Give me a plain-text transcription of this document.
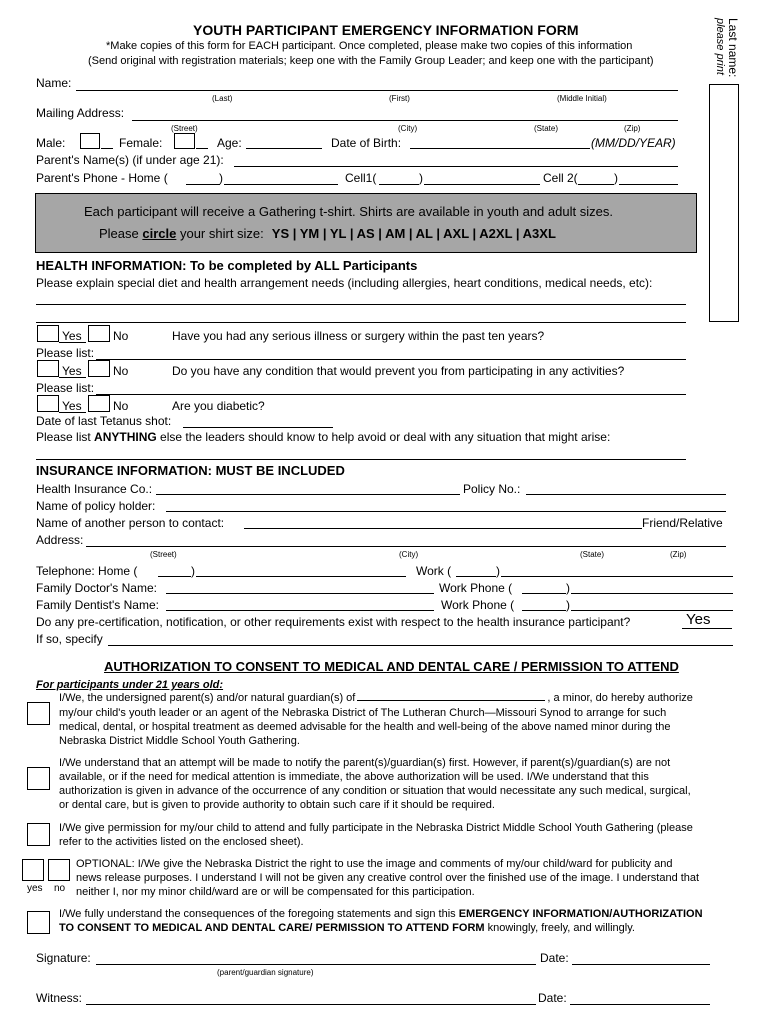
YOUTH PARTICIPANT EMERGENCY INFORMATION FORM
*Make copies of this form for EACH participant. Once completed, please make two copies of this information
(Send original with registration materials; keep one with the Family Group Leader; and keep one with the participant)	Last name:
please print
Name:
(Last)	(First)	(Middle Initial)
Mailing Address:
(Street)	(City)	(State)	(Zip)
Male:	Female:	Age:	Date of Birth:	(MM/DD/YEAR)
Parent's Name(s) (if under age 21):
Parent's Phone - Home (	)	Cell1(	)	Cell 2(	)
Each participant will receive a Gathering t-shirt. Shirts are available in youth and adult sizes.
Please circle your shirt size: YS | YM | YL | AS | AM | AL | AXL | A2XL | A3XL
HEALTH INFORMATION: To be completed by ALL Participants
Please explain special diet and health arrangement needs (including allergies, heart conditions, medical needs, etc):
Yes	No	Have you had any serious illness or surgery within the past ten years?
Please list:
Yes	No	Do you have any condition that would prevent you from participating in any activities?
Please list:
Yes	No	Are you diabetic?
Date of last Tetanus shot:
Please list ANYTHING else the leaders should know to help avoid or deal with any situation that might arise:
INSURANCE INFORMATION: MUST BE INCLUDED
Health Insurance Co.:	Policy No.:
Name of policy holder:
Name of another person to contact:	Friend/Relative
Address:
(Street)	(City)	(State)	(Zip)
Telephone: Home (	)	Work (	)
Family Doctor's Name:	Work Phone (	)
Family Dentist's Name:	Work Phone (	)
Do any pre-certification, notification, or other requirements exist with respect to the health insurance participant?	Yes
If so, specify
AUTHORIZATION TO CONSENT TO MEDICAL AND DENTAL CARE / PERMISSION TO ATTEND
For participants under 21 years old:
I/We, the undersigned parent(s) and/or natural guardian(s) of	, a minor, do hereby authorize
my/our child's youth leader or an agent of the Nebraska District of The Lutheran Church—Missouri Synod to arrange for such
medical, dental, or hospital treatment as deemed advisable for the health and well-being of the above named minor during the
Nebraska District Middle School Youth Gathering.
I/We understand that an attempt will be made to notify the parent(s)/guardian(s) first. However, if parent(s)/guardian(s) are not
available, or if the need for medical attention is immediate, the above authorization will be used. I/We understand that this
authorization is given in advance of the occurrence of any condition or situation that would necessitate any such medical, surgical,
or dental care, but is given to provide authority to obtain such care if it should be required.
I/We give permission for my/our child to attend and fully participate in the Nebraska District Middle School Youth Gathering (please
refer to the activities listed on the enclosed sheet).
yes no
OPTIONAL: I/We give the Nebraska District the right to use the image and comments of my/our child/ward for publicity and
news release purposes. I understand I will not be given any creative control over the finished use of the image. I understand that
neither I, nor my minor child/ward are or will be compensated for this participation.
I/We fully understand the consequences of the foregoing statements and sign this EMERGENCY INFORMATION/AUTHORIZATION
TO CONSENT TO MEDICAL AND DENTAL CARE/ PERMISSION TO ATTEND FORM knowingly, freely, and willingly.
Signature:	Date:
(parent/guardian signature)
Witness:	Date:
